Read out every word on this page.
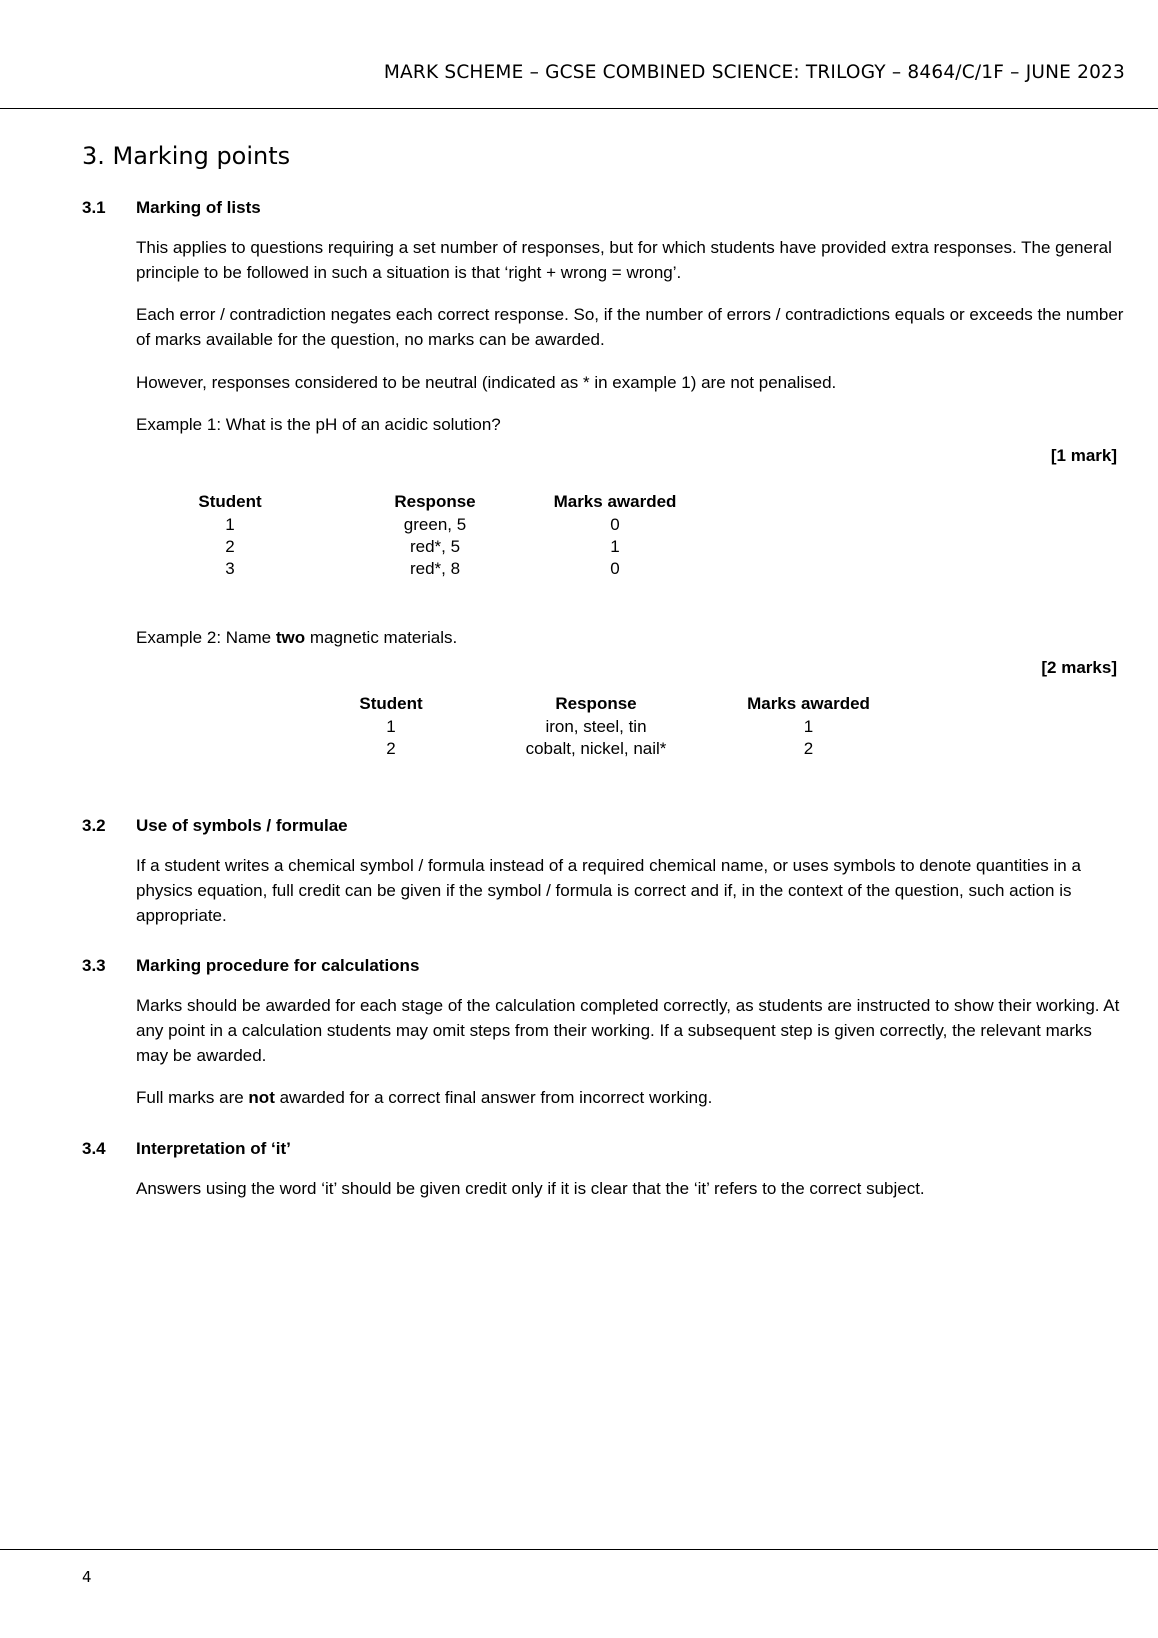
MARK SCHEME – GCSE COMBINED SCIENCE: TRILOGY – 8464/C/1F – JUNE 2023
3. Marking points
3.1	Marking of lists

This applies to questions requiring a set number of responses, but for which students have provided extra responses. The general principle to be followed in such a situation is that ‘right + wrong = wrong’.

Each error / contradiction negates each correct response. So, if the number of errors / contradictions equals or exceeds the number of marks available for the question, no marks can be awarded.

However, responses considered to be neutral (indicated as * in example 1) are not penalised.

Example 1: What is the pH of an acidic solution?

[1 mark]
Student	Response	Marks awarded
1	green, 5	0
2	red*, 5	1
3	red*, 8	0

Example 2: Name two magnetic materials.

[2 marks]
Student	Response	Marks awarded
1	iron, steel, tin	1
2	cobalt, nickel, nail*	2
3.2	Use of symbols / formulae

If a student writes a chemical symbol / formula instead of a required chemical name, or uses symbols to denote quantities in a physics equation, full credit can be given if the symbol / formula is correct and if, in the context of the question, such action is appropriate.

3.3	Marking procedure for calculations

Marks should be awarded for each stage of the calculation completed correctly, as students are instructed to show their working. At any point in a calculation students may omit steps from their working. If a subsequent step is given correctly, the relevant marks may be awarded.

Full marks are not awarded for a correct final answer from incorrect working.

3.4	Interpretation of ‘it’

Answers using the word ‘it’ should be given credit only if it is clear that the ‘it’ refers to the correct subject.

4
